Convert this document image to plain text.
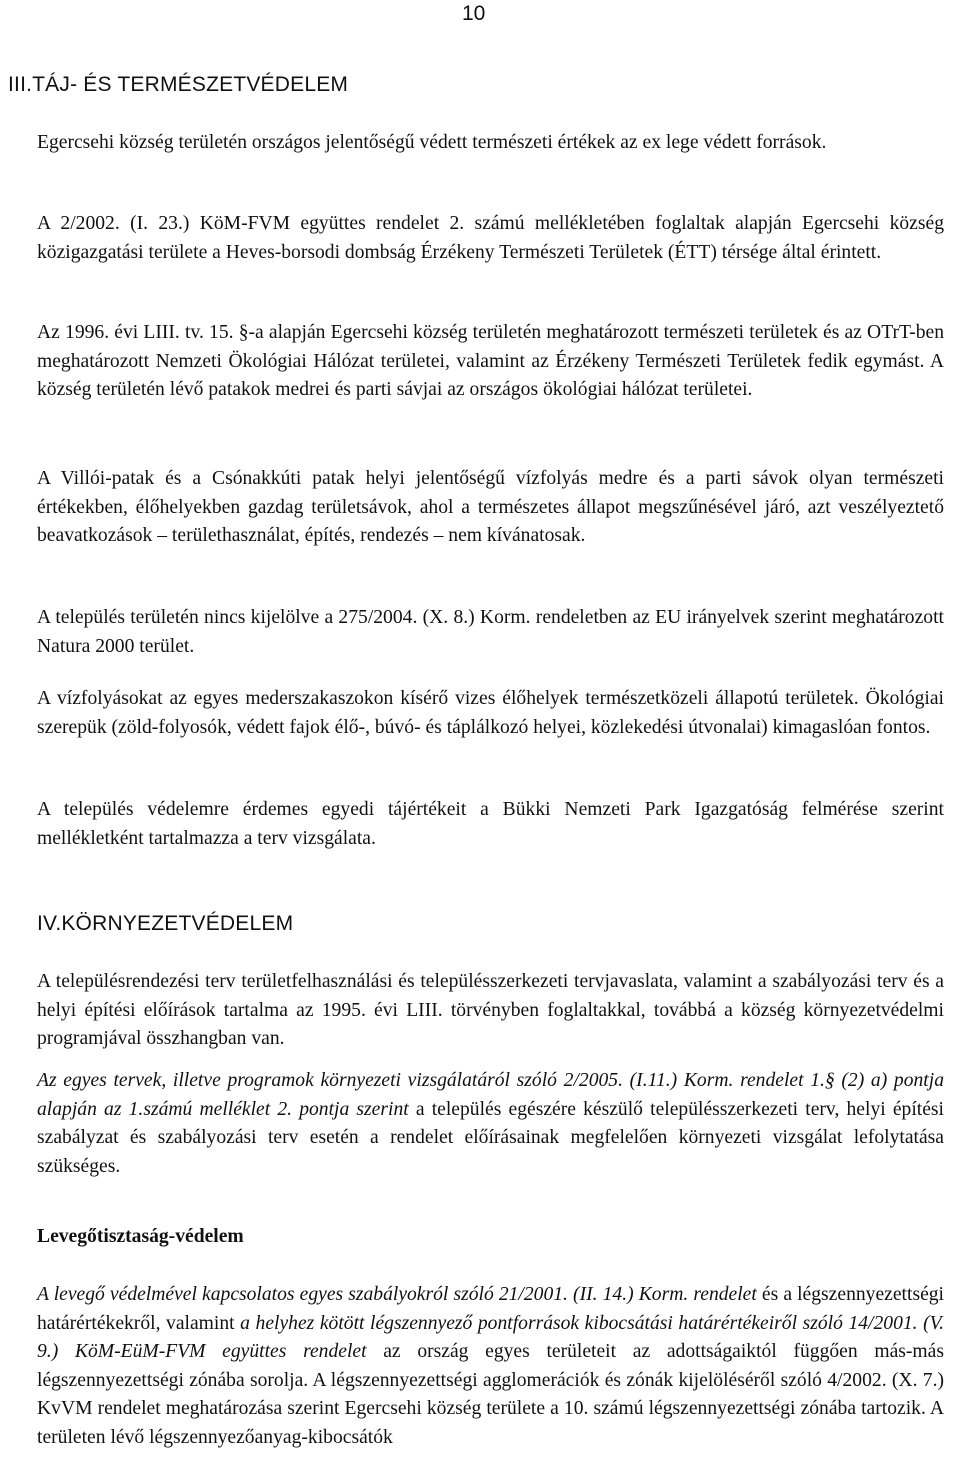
10
III.TÁJ- ÉS TERMÉSZETVÉDELEM

Egercsehi község területén országos jelentőségű védett természeti értékek az ex lege védett források.

A 2/2002. (I. 23.) KöM-FVM együttes rendelet 2. számú mellékletében foglaltak alapján Egercsehi község közigazgatási területe a Heves-borsodi dombság Érzékeny Természeti Területek (ÉTT) térsége által érintett.

Az 1996. évi LIII. tv. 15. §-a alapján Egercsehi község területén meghatározott természeti területek és az OTrT-ben meghatározott Nemzeti Ökológiai Hálózat területei, valamint az Érzékeny Természeti Területek fedik egymást. A község területén lévő patakok medrei és parti sávjai az országos ökológiai hálózat területei.

A Villói-patak és a Csónakkúti patak helyi jelentőségű vízfolyás medre és a parti sávok olyan természeti értékekben, élőhelyekben gazdag területsávok, ahol a természetes állapot megszűnésével járó, azt veszélyeztető beavatkozások – területhasználat, építés, rendezés – nem kívánatosak.

A település területén nincs kijelölve a 275/2004. (X. 8.) Korm. rendeletben az EU irányelvek szerint meghatározott Natura 2000 terület.

A vízfolyásokat az egyes mederszakaszokon kísérő vizes élőhelyek természetközeli állapotú területek. Ökológiai szerepük (zöld-folyosók, védett fajok élő-, búvó- és táplálkozó helyei, közlekedési útvonalai) kimagaslóan fontos.

A település védelemre érdemes egyedi tájértékeit a Bükki Nemzeti Park Igazgatóság felmérése szerint mellékletként tartalmazza a terv vizsgálata.

IV.KÖRNYEZETVÉDELEM

A településrendezési terv területfelhasználási és településszerkezeti tervjavaslata, valamint a szabályozási terv és a helyi építési előírások tartalma az 1995. évi LIII. törvényben foglaltakkal, továbbá a község környezetvédelmi programjával összhangban van.

Az egyes tervek, illetve programok környezeti vizsgálatáról szóló 2/2005. (I.11.) Korm. rendelet 1.§ (2) a) pontja alapján az 1.számú melléklet 2. pontja szerint a település egészére készülő településszerkezeti terv, helyi építési szabályzat és szabályozási terv esetén a rendelet előírásainak megfelelően környezeti vizsgálat lefolytatása szükséges.

Levegőtisztaság-védelem

A levegő védelmével kapcsolatos egyes szabályokról szóló 21/2001. (II. 14.) Korm. rendelet és a légszennyezettségi határértékekről, valamint a helyhez kötött légszennyező pontforrások kibocsátási határértékeiről szóló 14/2001. (V. 9.) KöM-EüM-FVM együttes rendelet az ország egyes területeit az adottságaiktól függően más-más légszennyezettségi zónába sorolja. A légszennyezettségi agglomerációk és zónák kijelöléséről szóló 4/2002. (X. 7.) KvVM rendelet meghatározása szerint Egercsehi község területe a 10. számú légszennyezettségi zónába tartozik. A területen lévő légszennyezőanyag-kibocsátók
